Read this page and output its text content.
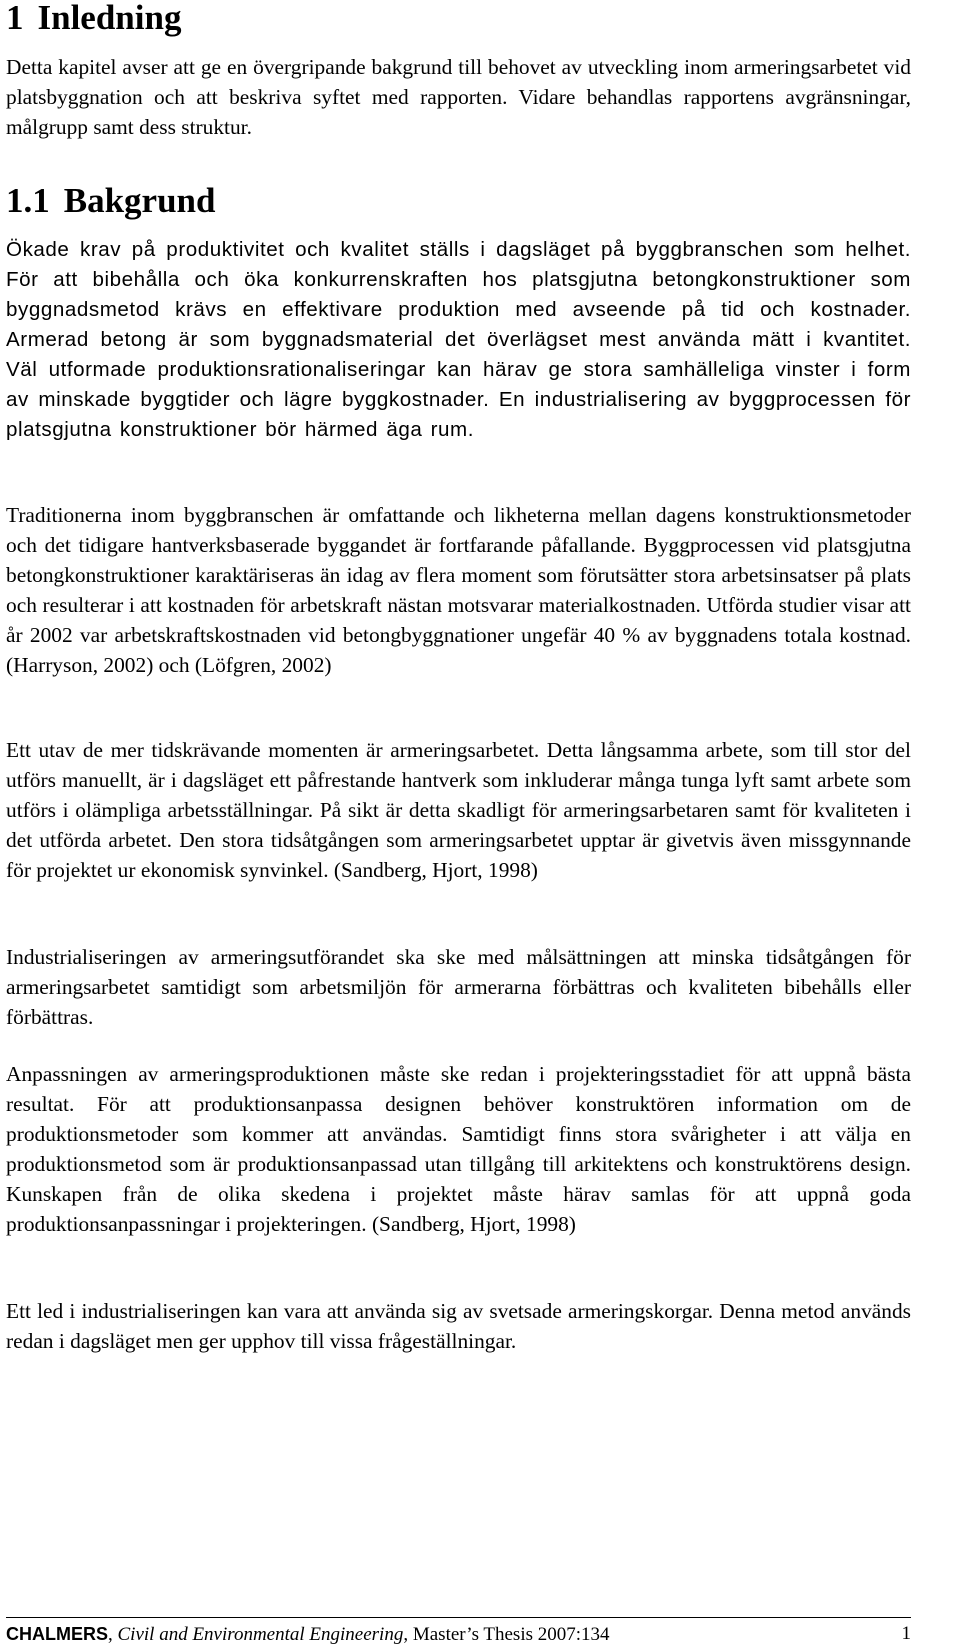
1 Inledning

Detta kapitel avser att ge en övergripande bakgrund till behovet av utveckling inom armeringsarbetet vid platsbyggnation och att beskriva syftet med rapporten. Vidare behandlas rapportens avgränsningar, målgrupp samt dess struktur.

1.1 Bakgrund

Ökade krav på produktivitet och kvalitet ställs i dagsläget på byggbranschen som helhet. För att bibehålla och öka konkurrenskraften hos platsgjutna betongkonstruktioner som byggnadsmetod krävs en effektivare produktion med avseende på tid och kostnader. Armerad betong är som byggnadsmaterial det överlägset mest använda mätt i kvantitet. Väl utformade produktionsrationaliseringar kan härav ge stora samhälleliga vinster i form av minskade byggtider och lägre byggkostnader. En industrialisering av byggprocessen för platsgjutna konstruktioner bör härmed äga rum.

Traditionerna inom byggbranschen är omfattande och likheterna mellan dagens konstruktionsmetoder och det tidigare hantverksbaserade byggandet är fortfarande påfallande. Byggprocessen vid platsgjutna betongkonstruktioner karaktäriseras än idag av flera moment som förutsätter stora arbetsinsatser på plats och resulterar i att kostnaden för arbetskraft nästan motsvarar materialkostnaden. Utförda studier visar att år 2002 var arbetskraftskostnaden vid betongbyggnationer ungefär 40 % av byggnadens totala kostnad. (Harryson, 2002) och (Löfgren, 2002)

Ett utav de mer tidskrävande momenten är armeringsarbetet. Detta långsamma arbete, som till stor del utförs manuellt, är i dagsläget ett påfrestande hantverk som inkluderar många tunga lyft samt arbete som utförs i olämpliga arbetsställningar. På sikt är detta skadligt för armeringsarbetaren samt för kvaliteten i det utförda arbetet. Den stora tidsåtgången som armeringsarbetet upptar är givetvis även missgynnande för projektet ur ekonomisk synvinkel. (Sandberg, Hjort, 1998)

Industrialiseringen av armeringsutförandet ska ske med målsättningen att minska tidsåtgången för armeringsarbetet samtidigt som arbetsmiljön för armerarna förbättras och kvaliteten bibehålls eller förbättras.

Anpassningen av armeringsproduktionen måste ske redan i projekteringsstadiet för att uppnå bästa resultat. För att produktionsanpassa designen behöver konstruktören information om de produktionsmetoder som kommer att användas. Samtidigt finns stora svårigheter i att välja en produktionsmetod som är produktionsanpassad utan tillgång till arkitektens och konstruktörens design. Kunskapen från de olika skedena i projektet måste härav samlas för att uppnå goda produktionsanpassningar i projekteringen. (Sandberg, Hjort, 1998)

Ett led i industrialiseringen kan vara att använda sig av svetsade armeringskorgar. Denna metod används redan i dagsläget men ger upphov till vissa frågeställningar.

CHALMERS, Civil and Environmental Engineering, Master’s Thesis 2007:134	1
